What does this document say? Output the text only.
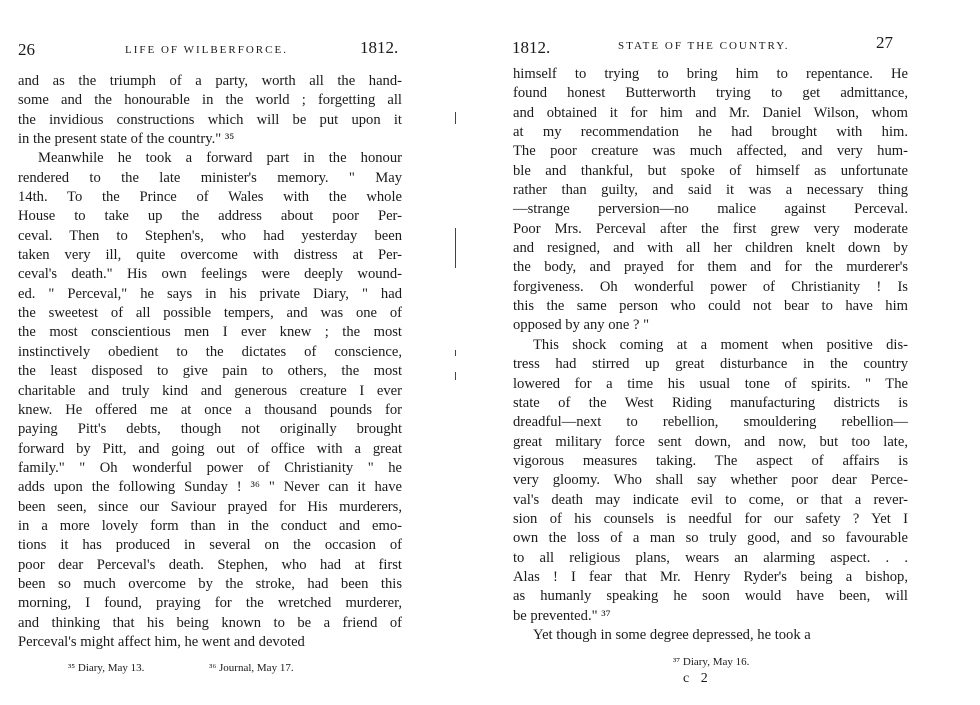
26	LIFE OF WILBERFORCE.	1812.
and as the triumph of a party, worth all the hand-
some and the honourable in the world ; forgetting all
the invidious constructions which will be put upon it
in the present state of the country." ³⁵
Meanwhile he took a forward part in the honour
rendered to the late minister's memory. " May
14th. To the Prince of Wales with the whole
House to take up the address about poor Per-
ceval. Then to Stephen's, who had yesterday been
taken very ill, quite overcome with distress at Per-
ceval's death." His own feelings were deeply wound-
ed. " Perceval," he says in his private Diary, " had
the sweetest of all possible tempers, and was one of
the most conscientious men I ever knew ; the most
instinctively obedient to the dictates of conscience,
the least disposed to give pain to others, the most
charitable and truly kind and generous creature I ever
knew. He offered me at once a thousand pounds for
paying Pitt's debts, though not originally brought
forward by Pitt, and going out of office with a great
family." " Oh wonderful power of Christianity " he
adds upon the following Sunday ! ³⁶ " Never can it have
been seen, since our Saviour prayed for His murderers,
in a more lovely form than in the conduct and emo-
tions it has produced in several on the occasion of
poor dear Perceval's death. Stephen, who had at first
been so much overcome by the stroke, had been this
morning, I found, praying for the wretched murderer,
and thinking that his being known to be a friend of
Perceval's might affect him, he went and devoted
³⁵ Diary, May 13.	³⁶ Journal, May 17.
1812.	STATE OF THE COUNTRY.	27
himself to trying to bring him to repentance. He
found honest Butterworth trying to get admittance,
and obtained it for him and Mr. Daniel Wilson, whom
at my recommendation he had brought with him.
The poor creature was much affected, and very hum-
ble and thankful, but spoke of himself as unfortunate
rather than guilty, and said it was a necessary thing
—strange perversion—no malice against Perceval.
Poor Mrs. Perceval after the first grew very moderate
and resigned, and with all her children knelt down by
the body, and prayed for them and for the murderer's
forgiveness. Oh wonderful power of Christianity ! Is
this the same person who could not bear to have him
opposed by any one ? "
This shock coming at a moment when positive dis-
tress had stirred up great disturbance in the country
lowered for a time his usual tone of spirits. " The
state of the West Riding manufacturing districts is
dreadful—next to rebellion, smouldering rebellion—
great military force sent down, and now, but too late,
vigorous measures taking. The aspect of affairs is
very gloomy. Who shall say whether poor dear Perce-
val's death may indicate evil to come, or that a rever-
sion of his counsels is needful for our safety ? Yet I
own the loss of a man so truly good, and so favourable
to all religious plans, wears an alarming aspect. . .
Alas ! I fear that Mr. Henry Ryder's being a bishop,
as humanly speaking he soon would have been, will
be prevented." ³⁷
Yet though in some degree depressed, he took a
³⁷ Diary, May 16.
c 2
